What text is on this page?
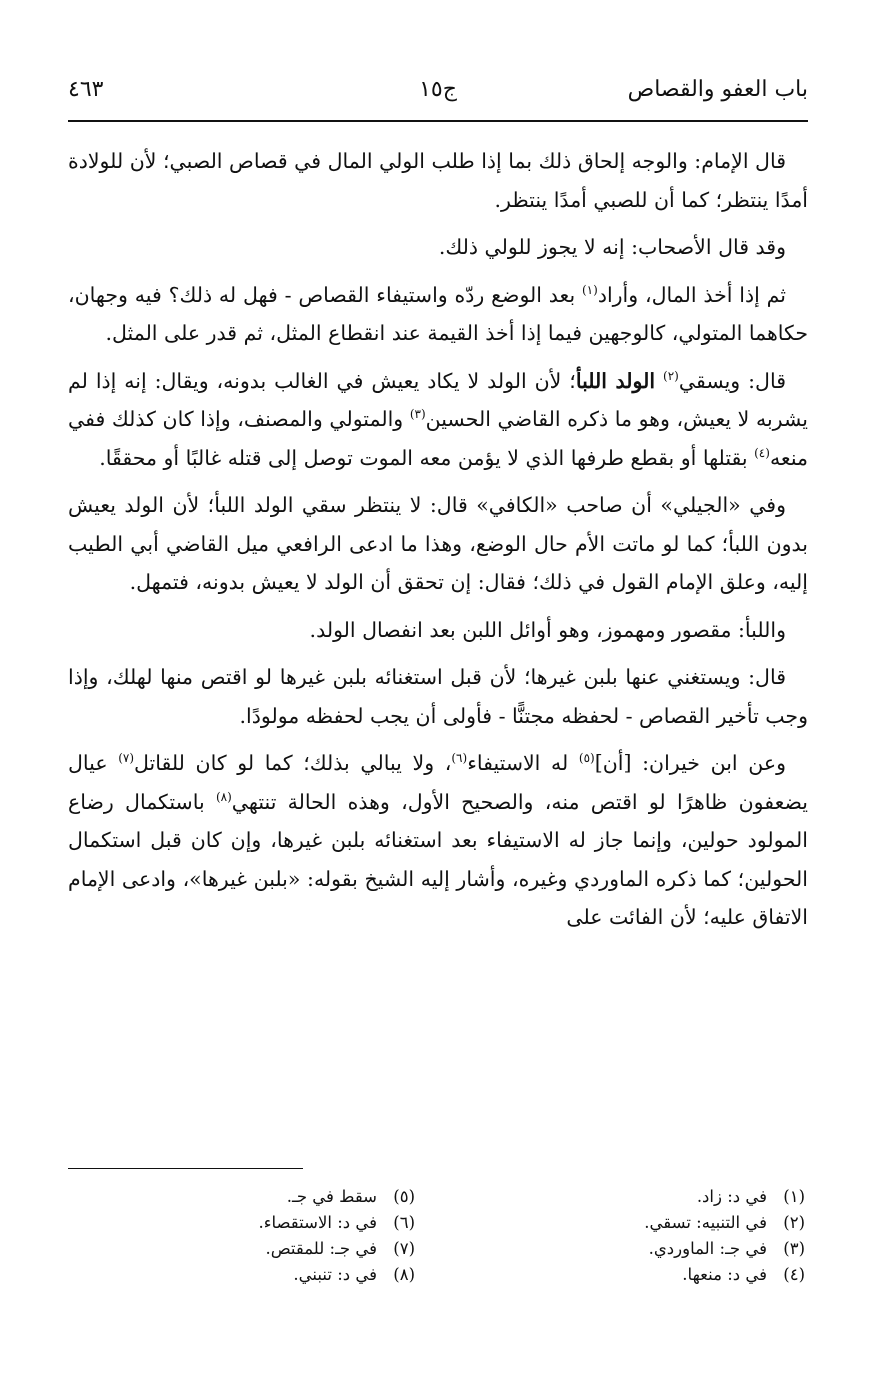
باب العفو والقصاص
ج١٥
٤٦٣

قال الإمام: والوجه إلحاق ذلك بما إذا طلب الولي المال في قصاص الصبي؛ لأن للولادة أمدًا ينتظر؛ كما أن للصبي أمدًا ينتظر.

وقد قال الأصحاب: إنه لا يجوز للولي ذلك.

ثم إذا أخذ المال، وأراد$^{(١)}$ بعد الوضع ردّه واستيفاء القصاص - فهل له ذلك؟ فيه وجهان، حكاهما المتولي، كالوجهين فيما إذا أخذ القيمة عند انقطاع المثل، ثم قدر على المثل.

قال: ويسقي$^{(٢)}$ الولد اللبأ؛ لأن الولد لا يكاد يعيش في الغالب بدونه، ويقال: إنه إذا لم يشربه لا يعيش، وهو ما ذكره القاضي الحسين$^{(٣)}$ والمتولي والمصنف، وإذا كان كذلك ففي منعه$^{(٤)}$ بقتلها أو بقطع طرفها الذي لا يؤمن معه الموت توصل إلى قتله غالبًا أو محققًا.

وفي «الجيلي» أن صاحب «الكافي» قال: لا ينتظر سقي الولد اللبأ؛ لأن الولد يعيش بدون اللبأ؛ كما لو ماتت الأم حال الوضع، وهذا ما ادعى الرافعي ميل القاضي أبي الطيب إليه، وعلق الإمام القول في ذلك؛ فقال: إن تحقق أن الولد لا يعيش بدونه، فتمهل.

واللبأ: مقصور ومهموز، وهو أوائل اللبن بعد انفصال الولد.

قال: ويستغني عنها بلبن غيرها؛ لأن قبل استغنائه بلبن غيرها لو اقتص منها لهلك، وإذا وجب تأخير القصاص - لحفظه مجتنًّا - فأولى أن يجب لحفظه مولودًا.

وعن ابن خيران: [أن]$^{(٥)}$ له الاستيفاء$^{(٦)}$، ولا يبالي بذلك؛ كما لو كان للقاتل$^{(٧)}$ عيال يضعفون ظاهرًا لو اقتص منه، والصحيح الأول، وهذه الحالة تنتهي$^{(٨)}$ باستكمال رضاع المولود حولين، وإنما جاز له الاستيفاء بعد استغنائه بلبن غيرها، وإن كان قبل استكمال الحولين؛ كما ذكره الماوردي وغيره، وأشار إليه الشيخ بقوله: «بلبن غيرها»، وادعى الإمام الاتفاق عليه؛ لأن الفائت على

(١)في د: زاد.
(٢)في التنبيه: تسقي.
(٣)في جـ: الماوردي.
(٤)في د: منعها.
(٥)سقط في جـ.
(٦)في د: الاستقصاء.
(٧)في جـ: للمقتص.
(٨)في د: تنبني.
